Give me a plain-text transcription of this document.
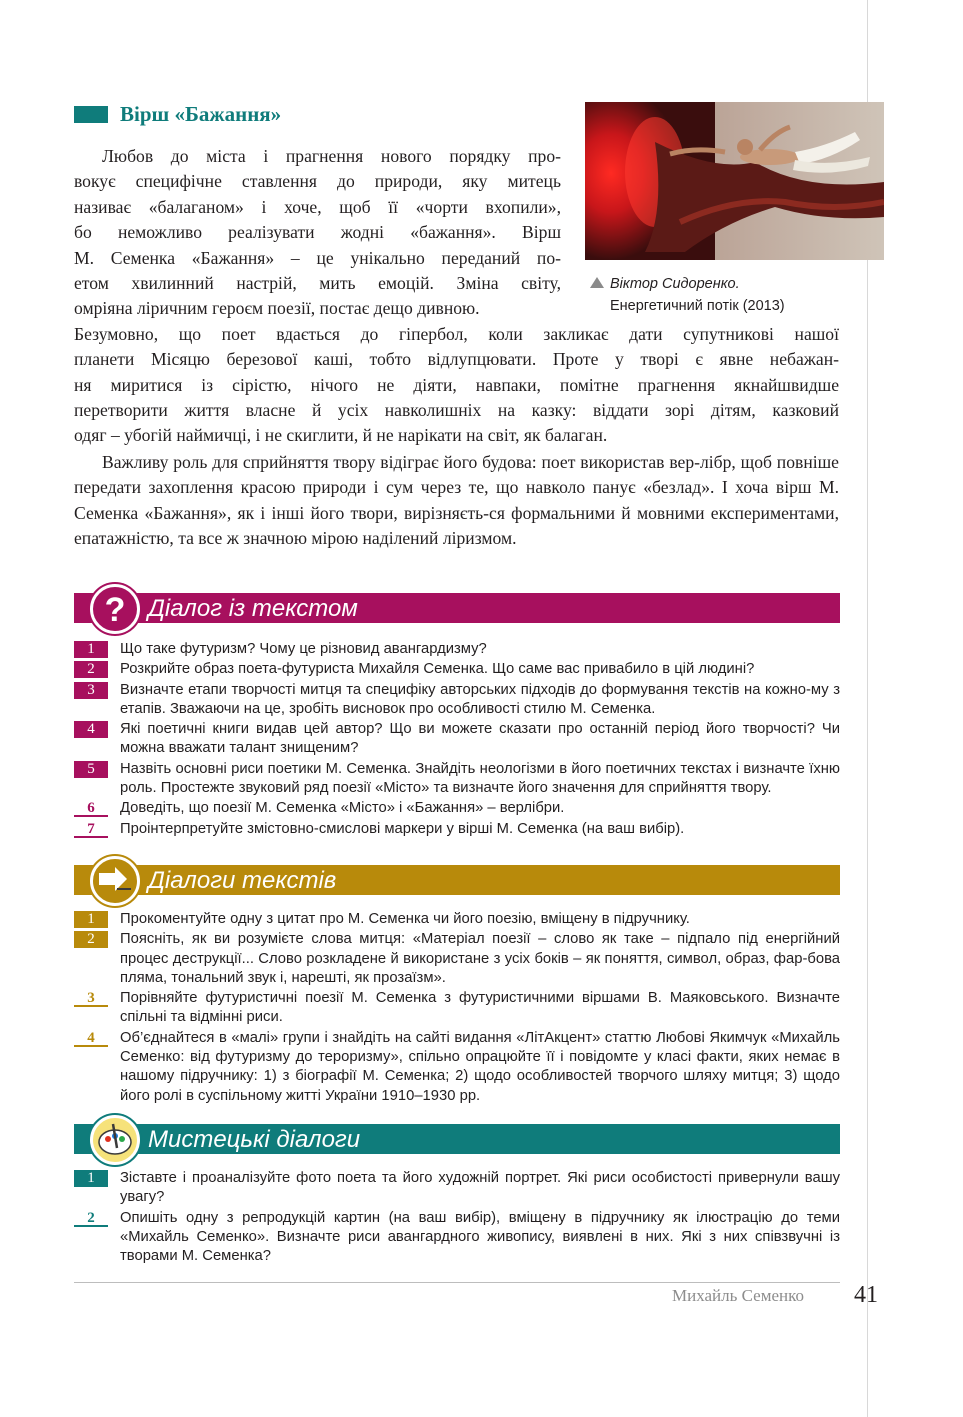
Вірш «Бажання»
Віктор Сидоренко.
Енергетичний потік (2013)
Любов до міста і прагнення нового порядку про-
вокує специфічне ставлення до природи, яку митець
називає «балаганом» і хоче, щоб її «чорти вхопили»,
бо неможливо реалізувати жодні «бажання». Вірш
М. Семенка «Бажання» – це унікально переданий по-
етом хвилинний настрій, мить емоцій. Зміна світу,
омріяна ліричним героєм поезії, постає дещо дивною.
Безумовно, що поет вдається до гіпербол, коли закликає дати супутникові нашої
планети Місяцю березової каші, тобто відлупцювати. Проте у творі є явне небажан-
ня миритися із сірістю, нічого не діяти, навпаки, помітне прагнення якнайшвидше
перетворити життя власне й усіх навколишніх на казку: віддати зорі дітям, казковий
одяг – убогій наймичці, і не скиглити, й не нарікати на світ, як балаган.
Важливу роль для сприйняття твору відіграє його будова: поет використав вер-лібр, щоб повніше передати захоплення красою природи і сум через те, що навколо панує «безлад». І хоча вірш М. Семенка «Бажання», як і інші його твори, вирізняєть-ся формальними й мовними експериментами, епатажністю, та все ж значною мірою наділений ліризмом.
? Діалог із текстом
1	Що таке футуризм? Чому це різновид авангардизму?
2	Розкрийте образ поета-футуриста Михайля Семенка. Що саме вас привабило в цій людині?
3	Визначте етапи творчості митця та специфіку авторських підходів до формування текстів на кожно-му з етапів. Зважаючи на це, зробіть висновок про особливості стилю М. Семенка.
4	Які поетичні книги видав цей автор? Що ви можете сказати про останній період його творчості? Чи можна вважати талант знищеним?
5	Назвіть основні риси поетики М. Семенка. Знайдіть неологізми в його поетичних текстах і визначте їхню роль. Простежте звуковий ряд поезії «Місто» та визначте його значення для сприйняття твору.
6	Доведіть, що поезії М. Семенка «Місто» і «Бажання» – верлібри.
7	Проінтерпретуйте змістовно-смислові маркери у вірші М. Семенка (на ваш вибір).
Діалоги текстів
1	Прокоментуйте одну з цитат про М. Семенка чи його поезію, вміщену в підручнику.
2	Поясніть, як ви розумієте слова митця: «Матеріал поезії – слово як таке – підпало під енергійний процес деструкції... Слово розкладене й використане з усіх боків – як поняття, символ, образ, фар-бова пляма, тональний звук і, нарешті, як прозаїзм».
3	Порівняйте футуристичні поезії М. Семенка з футуристичними віршами В. Маяковського. Визначте спільні та відмінні риси.
4	Об’єднайтеся в «малі» групи і знайдіть на сайті видання «ЛітАкцент» статтю Любові Якимчук «Михайль Семенко: від футуризму до тероризму», спільно опрацюйте її і повідомте у класі факти, яких немає в нашому підручнику: 1) з біографії М. Семенка; 2) щодо особливостей творчого шляху митця; 3) щодо його ролі в суспільному житті України 1910–1930 рр.
Мистецькі діалоги
1	Зіставте і проаналізуйте фото поета та його художній портрет. Які риси особистості привернули вашу увагу?
2	Опишіть одну з репродукцій картин (на ваш вибір), вміщену в підручнику як ілюстрацію до теми «Михайль Семенко». Визначте риси авангардного живопису, виявлені в них. Які з них співзвучні із творами М. Семенка?
Михайль Семенко 41
